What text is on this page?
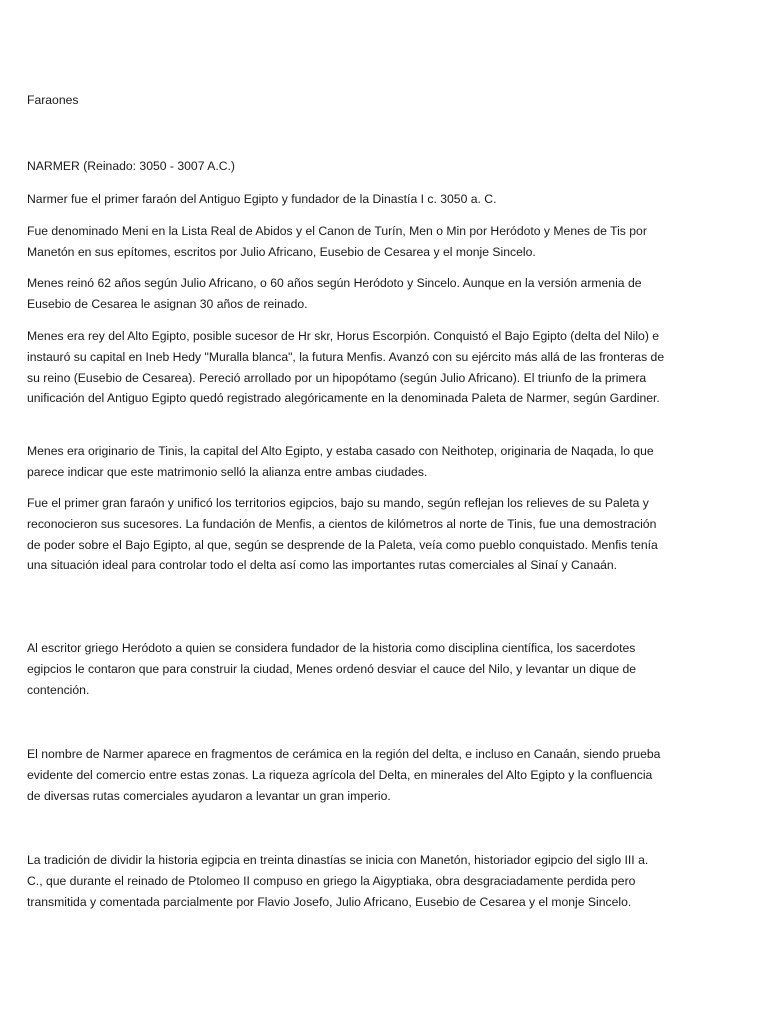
Faraones

NARMER (Reinado: 3050 - 3007 A.C.)

Narmer fue el primer faraón del Antiguo Egipto y fundador de la Dinastía I c. 3050 a. C.

Fue denominado Meni en la Lista Real de Abidos y el Canon de Turín, Men o Min por Heródoto y Menes de Tis por Manetón en sus epítomes, escritos por Julio Africano, Eusebio de Cesarea y el monje Sincelo.

Menes reinó 62 años según Julio Africano, o 60 años según Heródoto y Sincelo. Aunque en la versión armenia de Eusebio de Cesarea le asignan 30 años de reinado.

Menes era rey del Alto Egipto, posible sucesor de Hr skr, Horus Escorpión. Conquistó el Bajo Egipto (delta del Nilo) e instauró su capital en Ineb Hedy "Muralla blanca", la futura Menfis. Avanzó con su ejército más allá de las fronteras de su reino (Eusebio de Cesarea). Pereció arrollado por un hipopótamo (según Julio Africano). El triunfo de la primera unificación del Antiguo Egipto quedó registrado alegóricamente en la denominada Paleta de Narmer, según Gardiner.

Menes era originario de Tinis, la capital del Alto Egipto, y estaba casado con Neithotep, originaria de Naqada, lo que parece indicar que este matrimonio selló la alianza entre ambas ciudades.

Fue el primer gran faraón y unificó los territorios egipcios, bajo su mando, según reflejan los relieves de su Paleta y reconocieron sus sucesores. La fundación de Menfis, a cientos de kilómetros al norte de Tinis, fue una demostración de poder sobre el Bajo Egipto, al que, según se desprende de la Paleta, veía como pueblo conquistado. Menfis tenía una situación ideal para controlar todo el delta así como las importantes rutas comerciales al Sinaí y Canaán.

Al escritor griego Heródoto a quien se considera fundador de la historia como disciplina científica, los sacerdotes egipcios le contaron que para construir la ciudad, Menes ordenó desviar el cauce del Nilo, y levantar un dique de contención.

El nombre de Narmer aparece en fragmentos de cerámica en la región del delta, e incluso en Canaán, siendo prueba evidente del comercio entre estas zonas. La riqueza agrícola del Delta, en minerales del Alto Egipto y la confluencia de diversas rutas comerciales ayudaron a levantar un gran imperio.

La tradición de dividir la historia egipcia en treinta dinastías se inicia con Manetón, historiador egipcio del siglo III a. C., que durante el reinado de Ptolomeo II compuso en griego la Aigyptiaka, obra desgraciadamente perdida pero transmitida y comentada parcialmente por Flavio Josefo, Julio Africano, Eusebio de Cesarea y el monje Sincelo.
